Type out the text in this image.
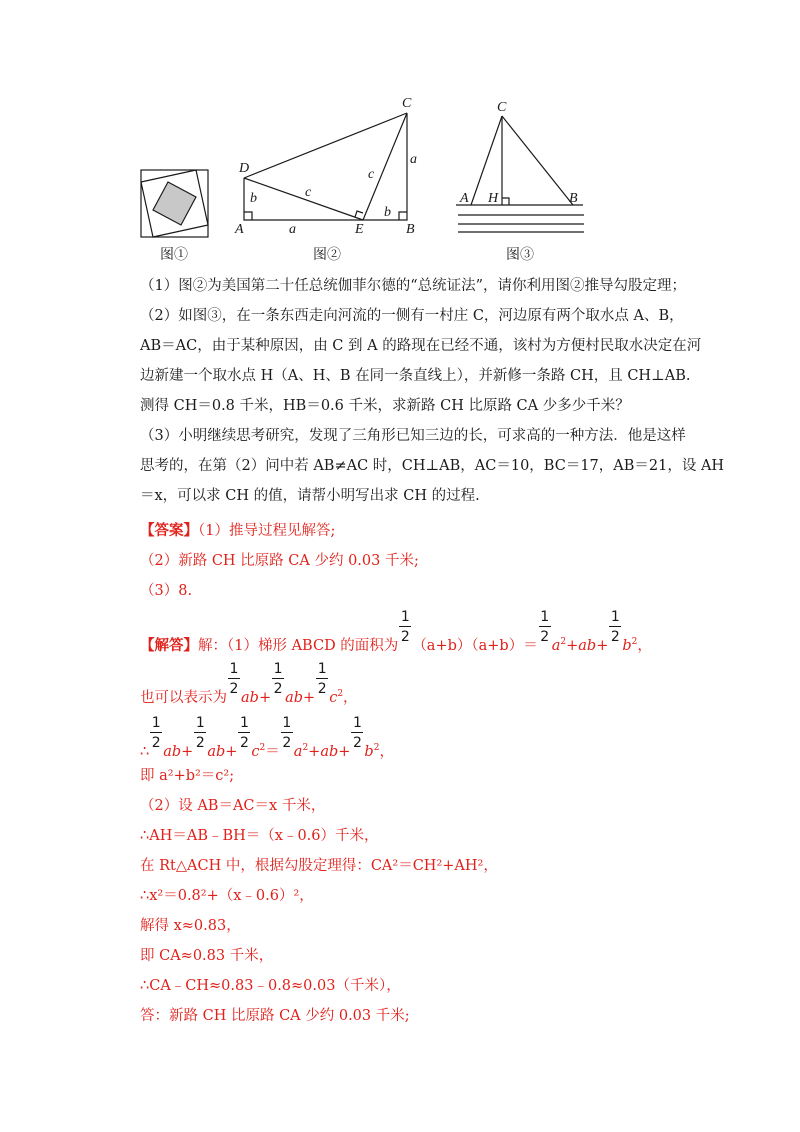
图①
D
A	E	B
C
b
a
c
c
b
a
图②
C
A H	B
图③
（1）图②为美国第二十任总统伽菲尔德的“总统证法”，请你利用图②推导勾股定理；
（2）如图③，在一条东西走向河流的一侧有一村庄 C，河边原有两个取水点 A、B，
AB＝AC，由于某种原因，由 C 到 A 的路现在已经不通，该村为方便村民取水决定在河
边新建一个取水点 H（A、H、B 在同一条直线上），并新修一条路 CH，且 CH⊥AB.
测得 CH＝0.8 千米，HB＝0.6 千米，求新路 CH 比原路 CA 少多少千米？
（3）小明继续思考研究，发现了三角形已知三边的长，可求高的一种方法．他是这样
思考的，在第（2）问中若 AB≠AC 时，CH⊥AB，AC＝10，BC＝17，AB＝21，设 AH
＝x，可以求 CH 的值，请帮小明写出求 CH 的过程.
【答案】（1）推导过程见解答;
（2）新路 CH 比原路 CA 少约 0.03 千米;
（3）8.
【解答】解：（1）梯形 ABCD 的面积为 $\frac{1}{2} (a+b)(a+b)= \frac{1}{2} a^2+ab+ \frac{1}{2} b^2$，
也可以表示为 $\frac{1}{2} ab+ \frac{1}{2} ab+ \frac{1}{2} c^2$，
∴ $\frac{1}{2} ab+ \frac{1}{2} ab+ \frac{1}{2} c^2= \frac{1}{2} a^2+ab+ \frac{1}{2} b^2$，
即 a²+b²＝c²;
（2）设 AB＝AC＝x 千米，
∴AH＝AB﹣BH＝（x﹣0.6）千米，
在 Rt△ACH 中，根据勾股定理得：CA²＝CH²+AH²，
∴x²＝0.8²+（x﹣0.6）²，
解得 x≈0.83，
即 CA≈0.83 千米，
∴CA﹣CH≈0.83﹣0.8≈0.03（千米），
答：新路 CH 比原路 CA 少约 0.03 千米;
